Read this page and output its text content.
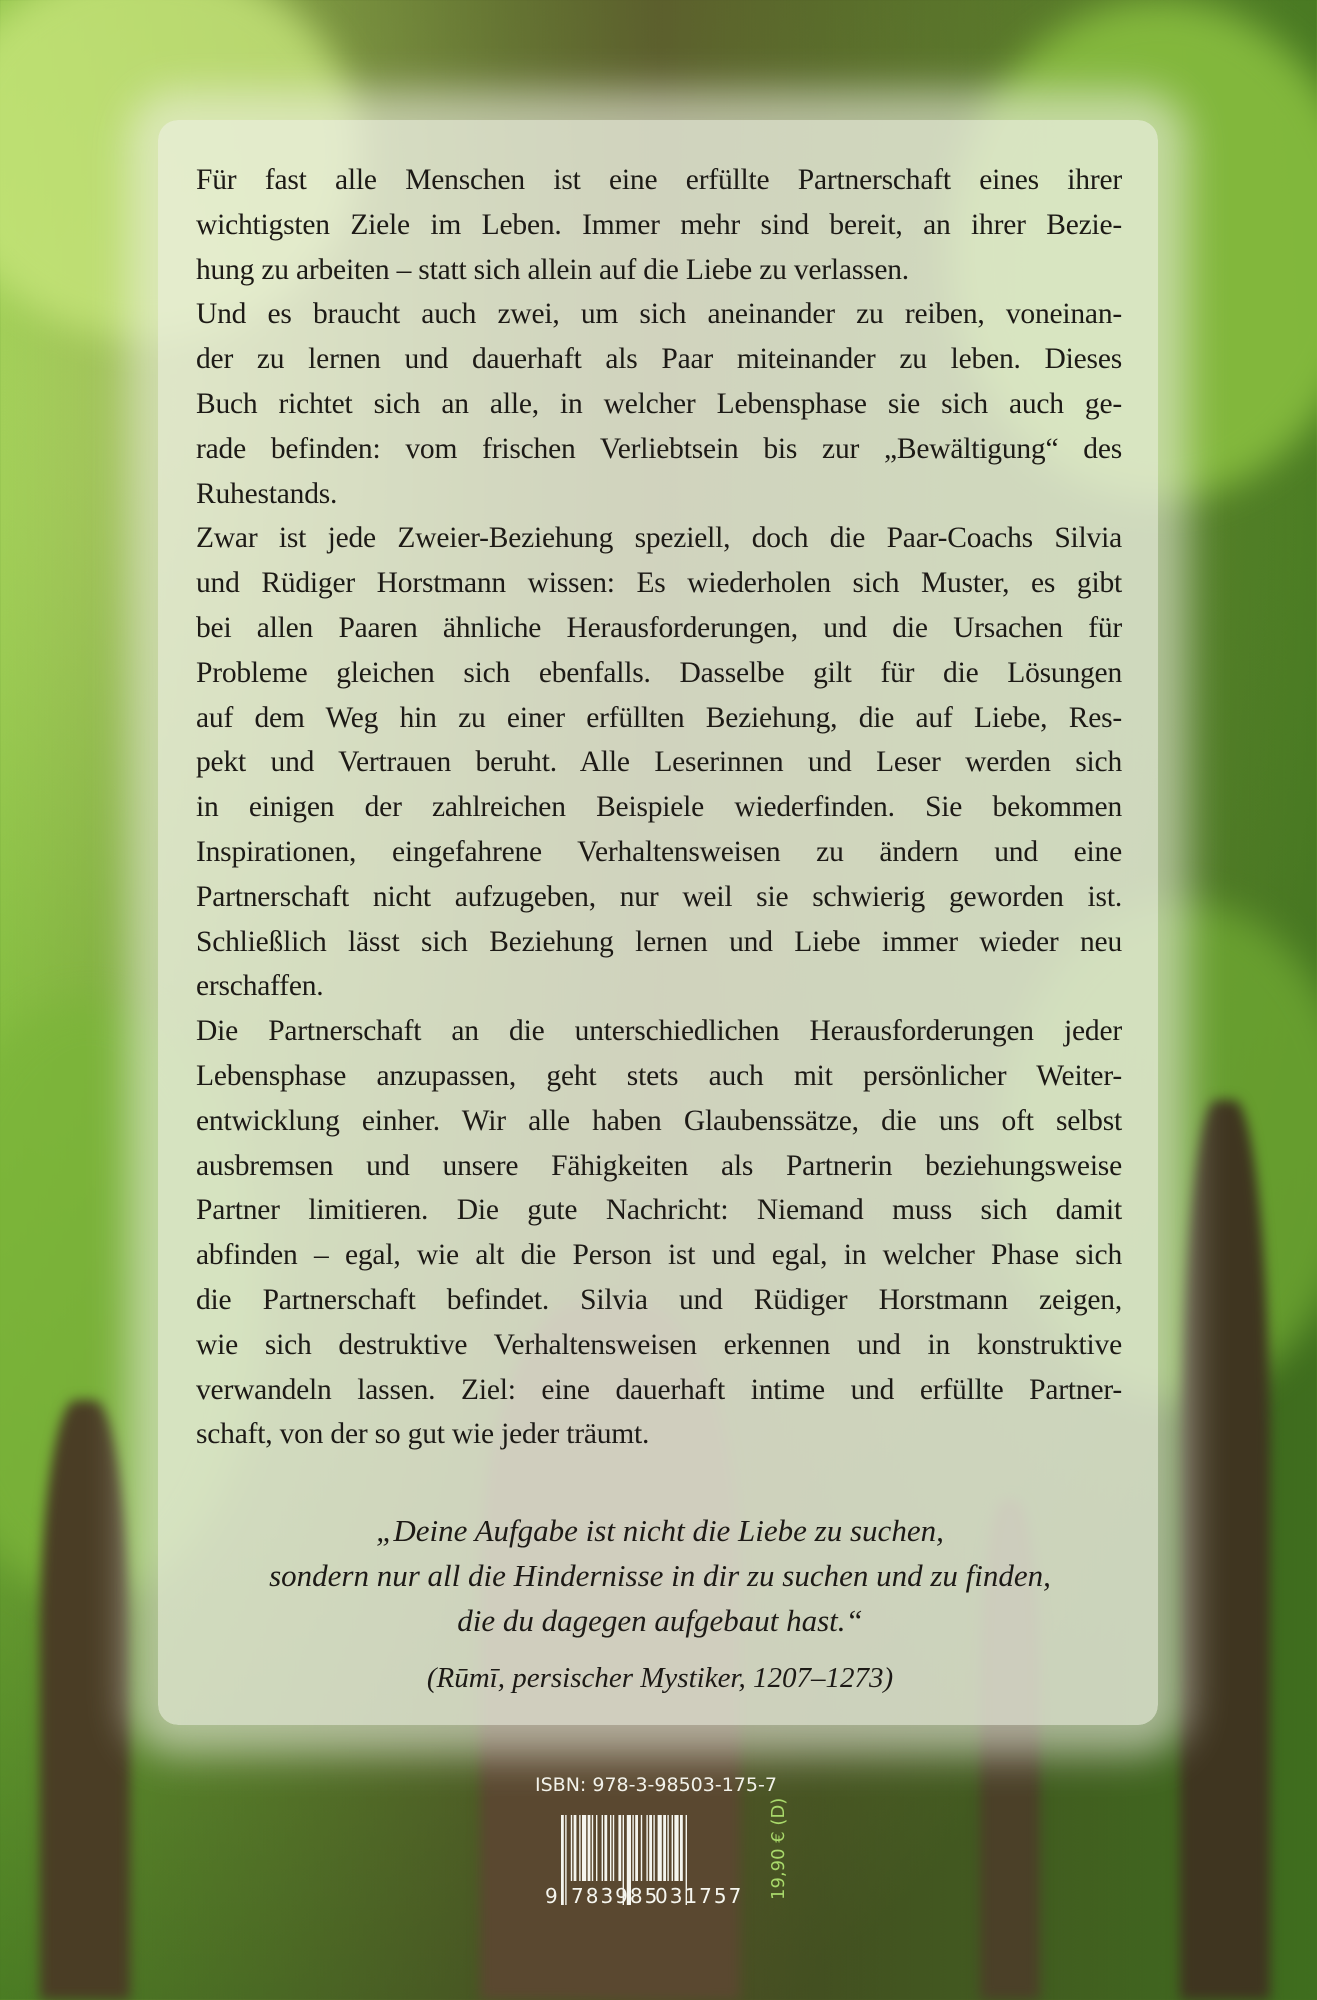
Für fast alle Menschen ist eine erfüllte Partnerschaft eines ihrer
wichtigsten Ziele im Leben. Immer mehr sind bereit, an ihrer Bezie-
hung zu arbeiten – statt sich allein auf die Liebe zu verlassen.
Und es braucht auch zwei, um sich aneinander zu reiben, voneinan-
der zu lernen und dauerhaft als Paar miteinander zu leben. Dieses
Buch richtet sich an alle, in welcher Lebensphase sie sich auch ge-
rade befinden: vom frischen Verliebtsein bis zur „Bewältigung“ des
Ruhestands.
Zwar ist jede Zweier-Beziehung speziell, doch die Paar-Coachs Silvia
und Rüdiger Horstmann wissen: Es wiederholen sich Muster, es gibt
bei allen Paaren ähnliche Herausforderungen, und die Ursachen für
Probleme gleichen sich ebenfalls. Dasselbe gilt für die Lösungen
auf dem Weg hin zu einer erfüllten Beziehung, die auf Liebe, Res-
pekt und Vertrauen beruht. Alle Leserinnen und Leser werden sich
in einigen der zahlreichen Beispiele wiederfinden. Sie bekommen
Inspirationen, eingefahrene Verhaltensweisen zu ändern und eine
Partnerschaft nicht aufzugeben, nur weil sie schwierig geworden ist.
Schließlich lässt sich Beziehung lernen und Liebe immer wieder neu
erschaffen.
Die Partnerschaft an die unterschiedlichen Herausforderungen jeder
Lebensphase anzupassen, geht stets auch mit persönlicher Weiter-
entwicklung einher. Wir alle haben Glaubenssätze, die uns oft selbst
ausbremsen und unsere Fähigkeiten als Partnerin beziehungsweise
Partner limitieren. Die gute Nachricht: Niemand muss sich damit
abfinden – egal, wie alt die Person ist und egal, in welcher Phase sich
die Partnerschaft befindet. Silvia und Rüdiger Horstmann zeigen,
wie sich destruktive Verhaltensweisen erkennen und in konstruktive
verwandeln lassen. Ziel: eine dauerhaft intime und erfüllte Partner-
schaft, von der so gut wie jeder träumt.
„Deine Aufgabe ist nicht die Liebe zu suchen,
sondern nur all die Hindernisse in dir zu suchen und zu finden,
die du dagegen aufgebaut hast.“
(Rūmī, persischer Mystiker, 1207–1273)
ISBN: 978-3-98503-175-7
9 783985
031757 19,90 € (D)
